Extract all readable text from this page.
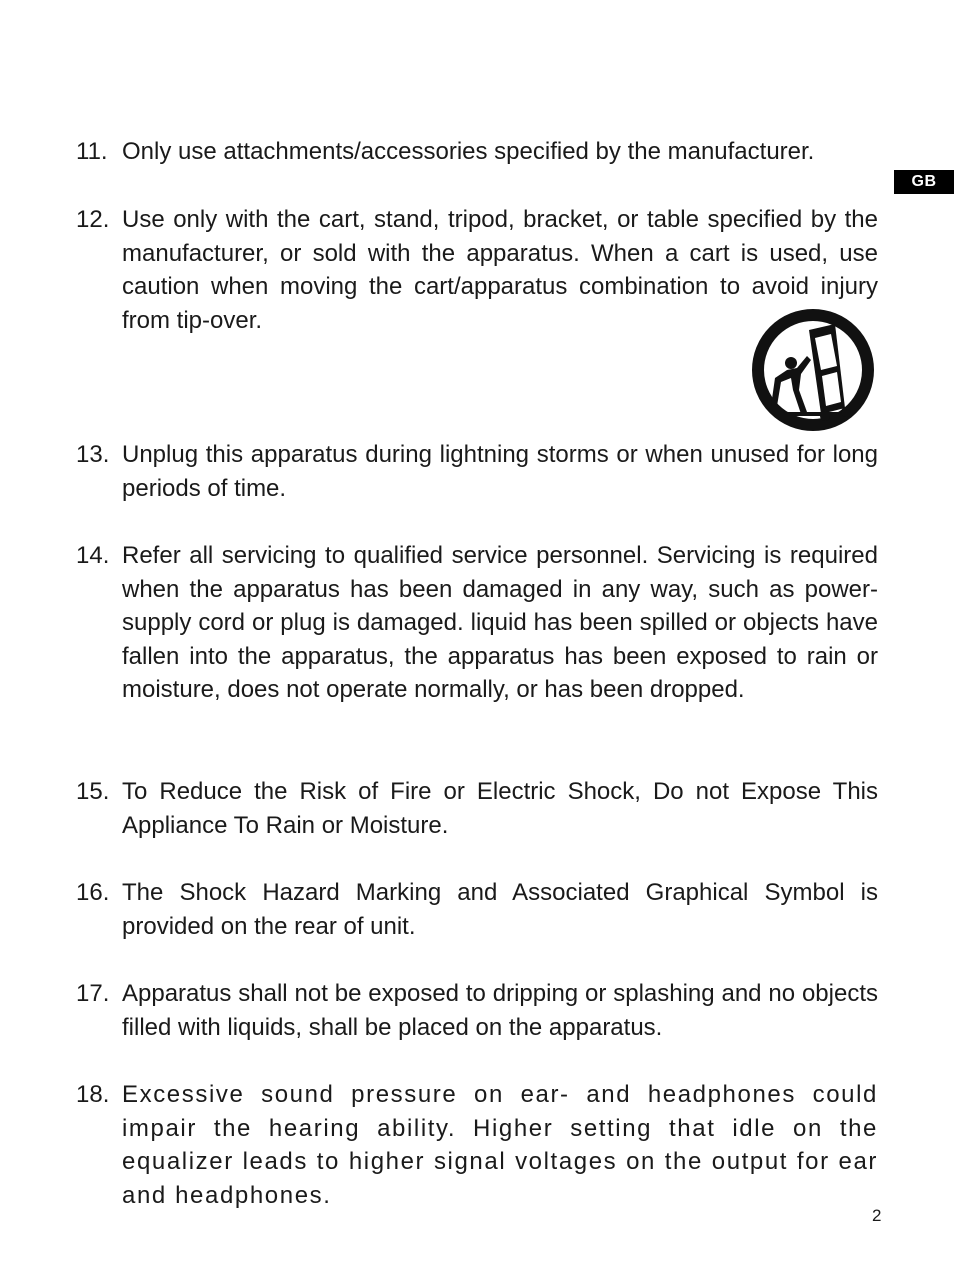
GB
11. Only use attachments/accessories specified by the manufacturer.
12. Use only with the cart, stand, tripod, bracket, or table specified by the manufacturer, or sold with the apparatus. When a cart is used, use caution when moving the cart/apparatus combination to avoid injury from tip-over.
13. Unplug this apparatus during lightning storms or when unused for long periods of time.
14. Refer all servicing to qualified service personnel. Servicing is required when the apparatus has been damaged in any way, such as power-supply cord or plug is damaged. liquid has been spilled or objects have fallen into the apparatus, the apparatus has been exposed to rain or moisture, does not operate normally, or has been dropped.
15. To Reduce the Risk of Fire or Electric Shock, Do not Expose This Appliance To Rain or Moisture.
16. The Shock Hazard Marking and Associated Graphical Symbol is provided on the rear of unit.
17. Apparatus shall not be exposed to dripping or splashing and no objects filled with liquids, shall be placed on the apparatus.
18. Excessive sound pressure on ear- and headphones could impair the hearing ability. Higher setting that idle on the equalizer leads to higher signal voltages on the output for ear and headphones.
2
